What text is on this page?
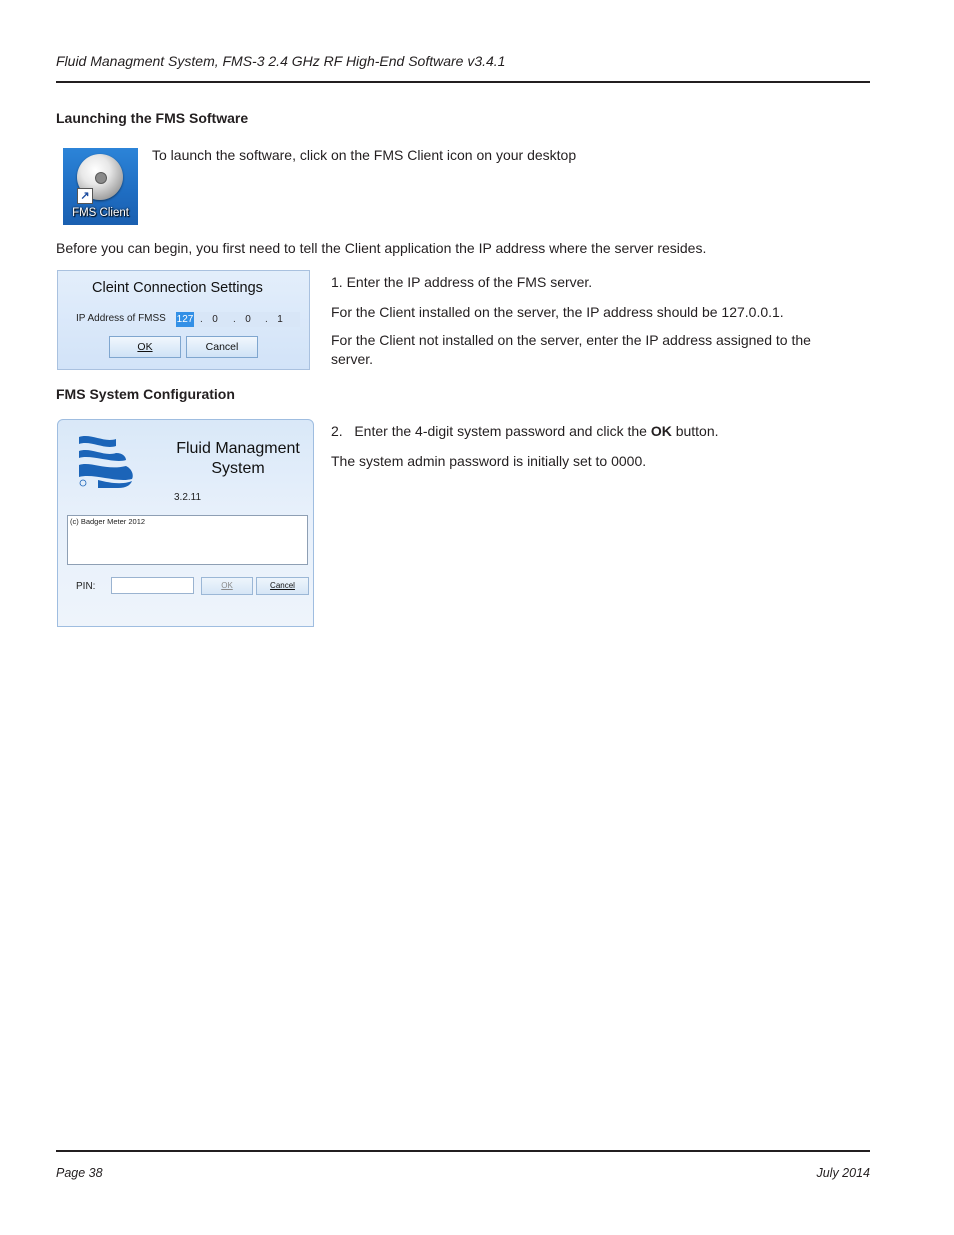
Fluid Managment System, FMS-3 2.4 GHz RF High-End Software v3.4.1
Launching the FMS Software
↗
FMS Client
To launch the software, click on the FMS Client icon on your desktop
Before you can begin, you first need to tell the Client application the IP address where the server resides.
Cleint Connection Settings
IP Address of FMSS 127 . 0	. 0	. 1
OK	Cancel
1. Enter the IP address of the FMS server.
For the Client installed on the server, the IP address should be 127.0.0.1.
For the Client not installed on the server, enter the IP address assigned to the server.
FMS System Configuration
Fluid Managment System
3.2.11
(c) Badger Meter 2012
PIN:	OK	Cancel
2.   Enter the 4-digit system password and click the OK button.
The system admin password is initially set to 0000.
Page 38	July 2014
